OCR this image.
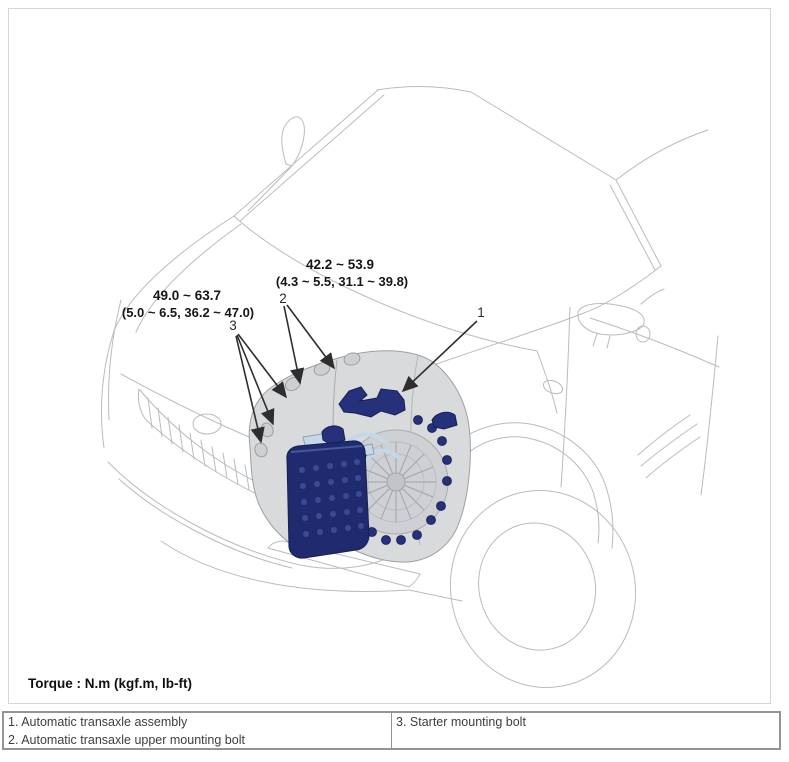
42.2 ~ 53.9
(4.3 ~ 5.5, 31.1 ~ 39.8)
2
49.0 ~ 63.7
(5.0 ~ 6.5, 36.2 ~ 47.0)
3
1
Torque : N.m (kgf.m, lb-ft)
1. Automatic transaxle assembly
2. Automatic transaxle upper mounting bolt
3. Starter mounting bolt
